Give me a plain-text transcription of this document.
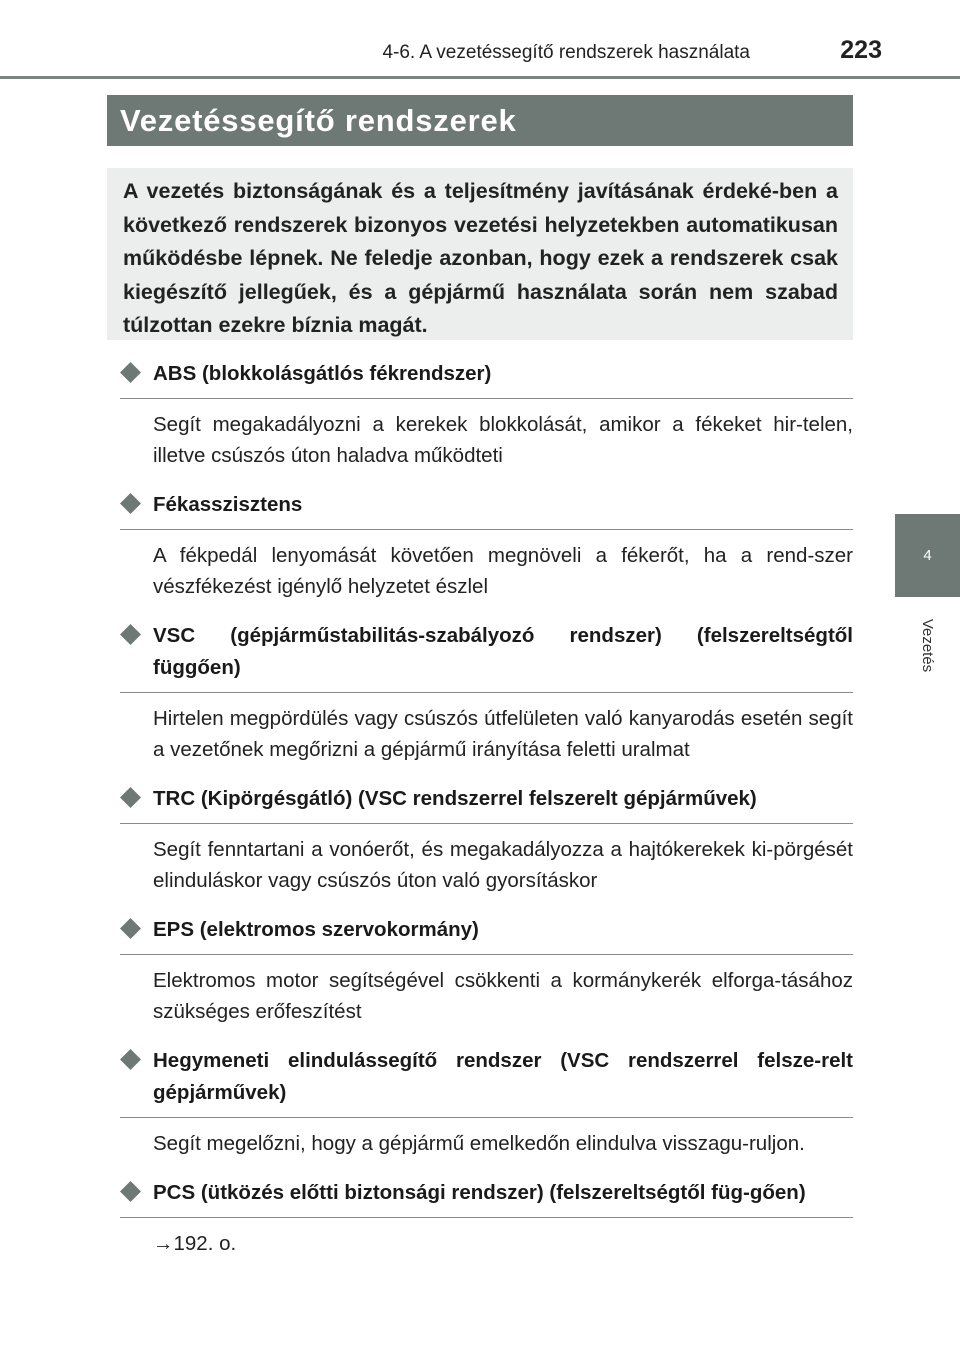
4-6. A vezetéssegítő rendszerek használata	223
4
Vezetés
Vezetéssegítő rendszerek
A vezetés biztonságának és a teljesítmény javításának érdeké-ben a következő rendszerek bizonyos vezetési helyzetekben automatikusan működésbe lépnek. Ne feledje azonban, hogy ezek a rendszerek csak kiegészítő jellegűek, és a gépjármű használata során nem szabad túlzottan ezekre bíznia magát.
ABS (blokkolásgátlós fékrendszer)
Segít megakadályozni a kerekek blokkolását, amikor a fékeket hir-telen, illetve csúszós úton haladva működteti
Fékasszisztens
A fékpedál lenyomását követően megnöveli a fékerőt, ha a rend-szer vészfékezést igénylő helyzetet észlel
VSC (gépjárműstabilitás-szabályozó rendszer) (felszereltségtől függően)
Hirtelen megpördülés vagy csúszós útfelületen való kanyarodás esetén segít a vezetőnek megőrizni a gépjármű irányítása feletti uralmat
TRC (Kipörgésgátló) (VSC rendszerrel felszerelt gépjárművek)
Segít fenntartani a vonóerőt, és megakadályozza a hajtókerekek ki-pörgését elinduláskor vagy csúszós úton való gyorsításkor
EPS (elektromos szervokormány)
Elektromos motor segítségével csökkenti a kormánykerék elforga-tásához szükséges erőfeszítést
Hegymeneti elindulássegítő rendszer (VSC rendszerrel felsze-relt gépjárművek)
Segít megelőzni, hogy a gépjármű emelkedőn elindulva visszagu-ruljon.
PCS (ütközés előtti biztonsági rendszer) (felszereltségtől füg-gően)
→192. o.
